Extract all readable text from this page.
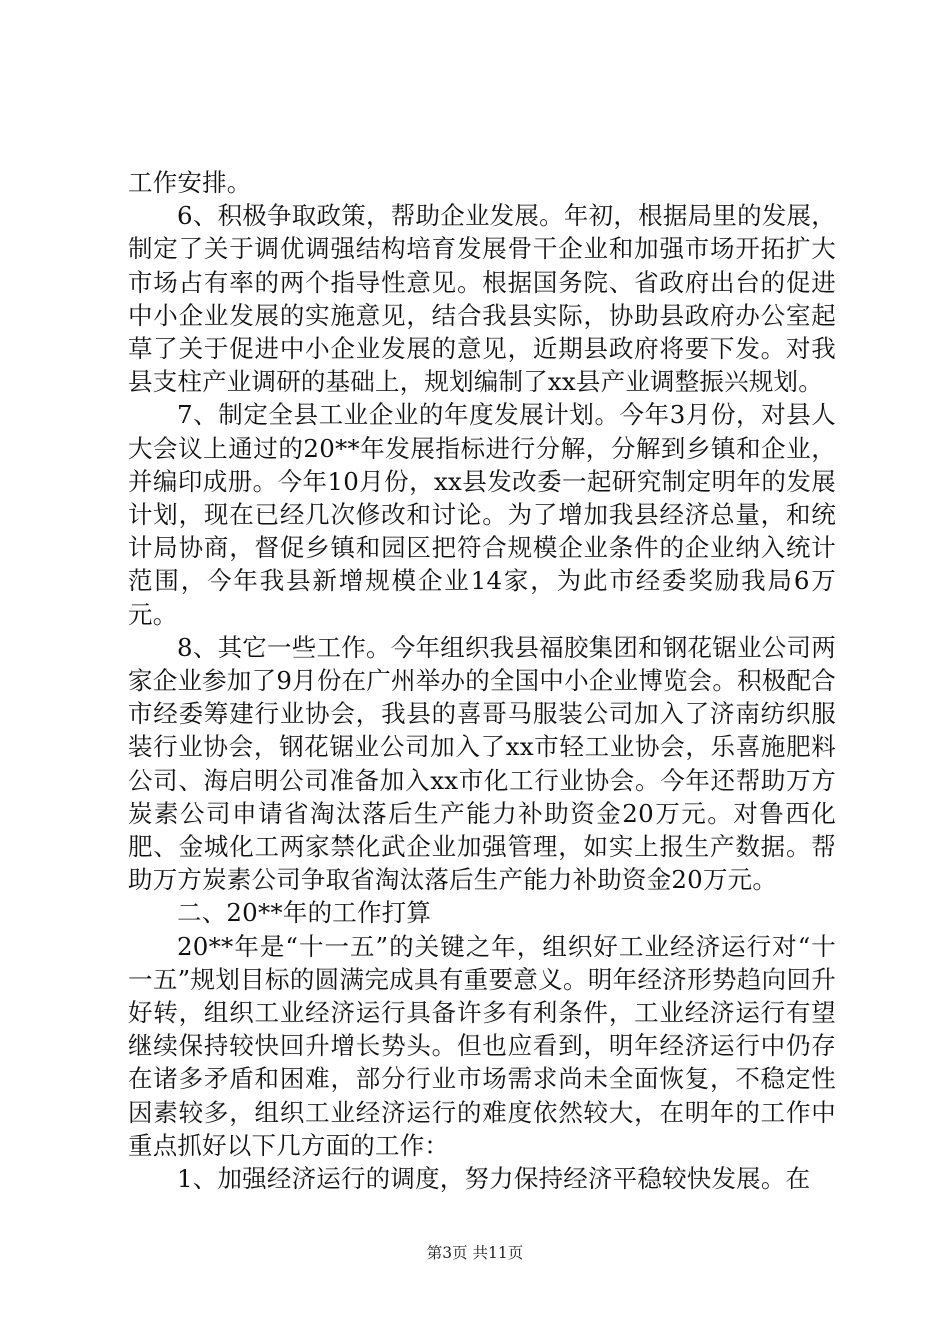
工作安排。

6、积极争取政策，帮助企业发展。年初，根据局里的发展，制定了关于调优调强结构培育发展骨干企业和加强市场开拓扩大市场占有率的两个指导性意见。根据国务院、省政府出台的促进中小企业发展的实施意见，结合我县实际，协助县政府办公室起草了关于促进中小企业发展的意见，近期县政府将要下发。对我县支柱产业调研的基础上，规划编制了xx县产业调整振兴规划。

7、制定全县工业企业的年度发展计划。今年3月份，对县人大会议上通过的20**年发展指标进行分解，分解到乡镇和企业，并编印成册。今年10月份，xx县发改委一起研究制定明年的发展计划，现在已经几次修改和讨论。为了增加我县经济总量，和统计局协商，督促乡镇和园区把符合规模企业条件的企业纳入统计范围，今年我县新增规模企业14家，为此市经委奖励我局6万元。

8、其它一些工作。今年组织我县福胶集团和钢花锯业公司两家企业参加了9月份在广州举办的全国中小企业博览会。积极配合市经委筹建行业协会，我县的喜哥马服装公司加入了济南纺织服装行业协会，钢花锯业公司加入了xx市轻工业协会，乐喜施肥料公司、海启明公司准备加入xx市化工行业协会。今年还帮助万方炭素公司申请省淘汰落后生产能力补助资金20万元。对鲁西化肥、金城化工两家禁化武企业加强管理，如实上报生产数据。帮助万方炭素公司争取省淘汰落后生产能力补助资金20万元。

二、20**年的工作打算

20**年是“十一五”的关键之年，组织好工业经济运行对“十一五”规划目标的圆满完成具有重要意义。明年经济形势趋向回升好转，组织工业经济运行具备许多有利条件，工业经济运行有望继续保持较快回升增长势头。但也应看到，明年经济运行中仍存在诸多矛盾和困难，部分行业市场需求尚未全面恢复，不稳定性因素较多，组织工业经济运行的难度依然较大，在明年的工作中重点抓好以下几方面的工作：

1、加强经济运行的调度，努力保持经济平稳较快发展。在

第3页 共11页
